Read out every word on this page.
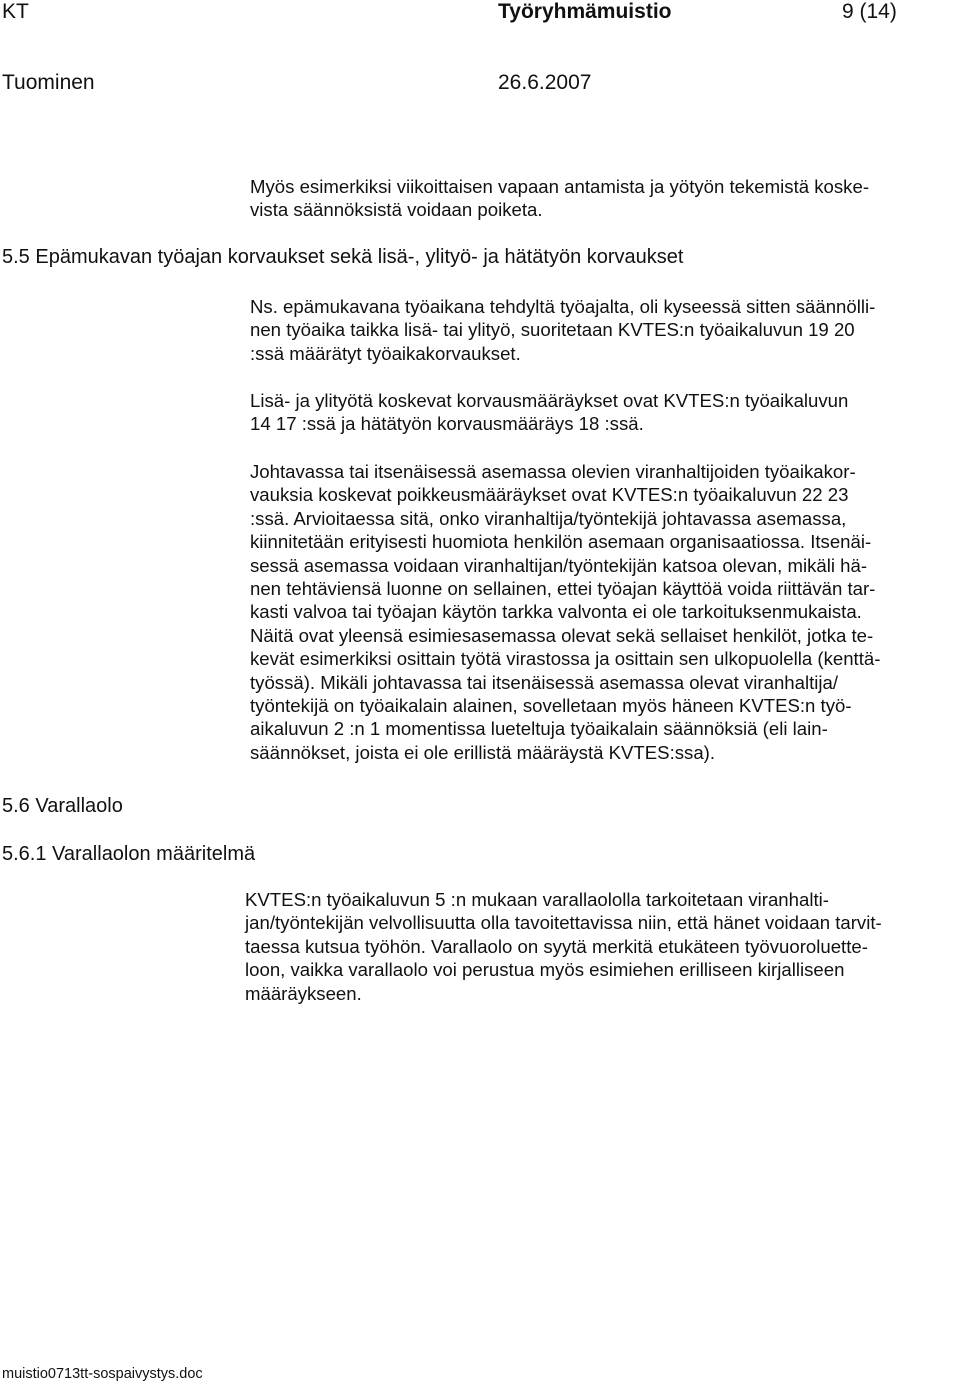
KT	Työryhmämuistio	9 (14)
Tuominen	26.6.2007
Myös esimerkiksi viikoittaisen vapaan antamista ja yötyön tekemistä koske-
vista säännöksistä voidaan poiketa.
5.5 Epämukavan työajan korvaukset sekä lisä-, ylityö- ja hätätyön korvaukset
Ns. epämukavana työaikana tehdyltä työajalta, oli kyseessä sitten säännölli-
nen työaika taikka lisä- tai ylityö, suoritetaan KVTES:n työaikaluvun 19 20
:ssä määrätyt työaikakorvaukset.
Lisä- ja ylityötä koskevat korvausmääräykset ovat KVTES:n työaikaluvun
14 17 :ssä ja hätätyön korvausmääräys 18 :ssä.
Johtavassa tai itsenäisessä asemassa olevien viranhaltijoiden työaikakor-
vauksia koskevat poikkeusmääräykset ovat KVTES:n työaikaluvun 22 23
:ssä. Arvioitaessa sitä, onko viranhaltija/työntekijä johtavassa asemassa,
kiinnitetään erityisesti huomiota henkilön asemaan organisaatiossa. Itsenäi-
sessä asemassa voidaan viranhaltijan/työntekijän katsoa olevan, mikäli hä-
nen tehtäviensä luonne on sellainen, ettei työajan käyttöä voida riittävän tar-
kasti valvoa tai työajan käytön tarkka valvonta ei ole tarkoituksenmukaista.
Näitä ovat yleensä esimiesasemassa olevat sekä sellaiset henkilöt, jotka te-
kevät esimerkiksi osittain työtä virastossa ja osittain sen ulkopuolella (kenttä-
työssä). Mikäli johtavassa tai itsenäisessä asemassa olevat viranhaltija/
työntekijä on työaikalain alainen, sovelletaan myös häneen KVTES:n työ-
aikaluvun 2 :n 1 momentissa lueteltuja työaikalain säännöksiä (eli lain-
säännökset, joista ei ole erillistä määräystä KVTES:ssa).
5.6 Varallaolo
5.6.1 Varallaolon määritelmä
KVTES:n työaikaluvun 5 :n mukaan varallaololla tarkoitetaan viranhalti-
jan/työntekijän velvollisuutta olla tavoitettavissa niin, että hänet voidaan tarvit-
taessa kutsua työhön. Varallaolo on syytä merkitä etukäteen työvuoroluette-
loon, vaikka varallaolo voi perustua myös esimiehen erilliseen kirjalliseen
määräykseen.
muistio0713tt-sospaivystys.doc
